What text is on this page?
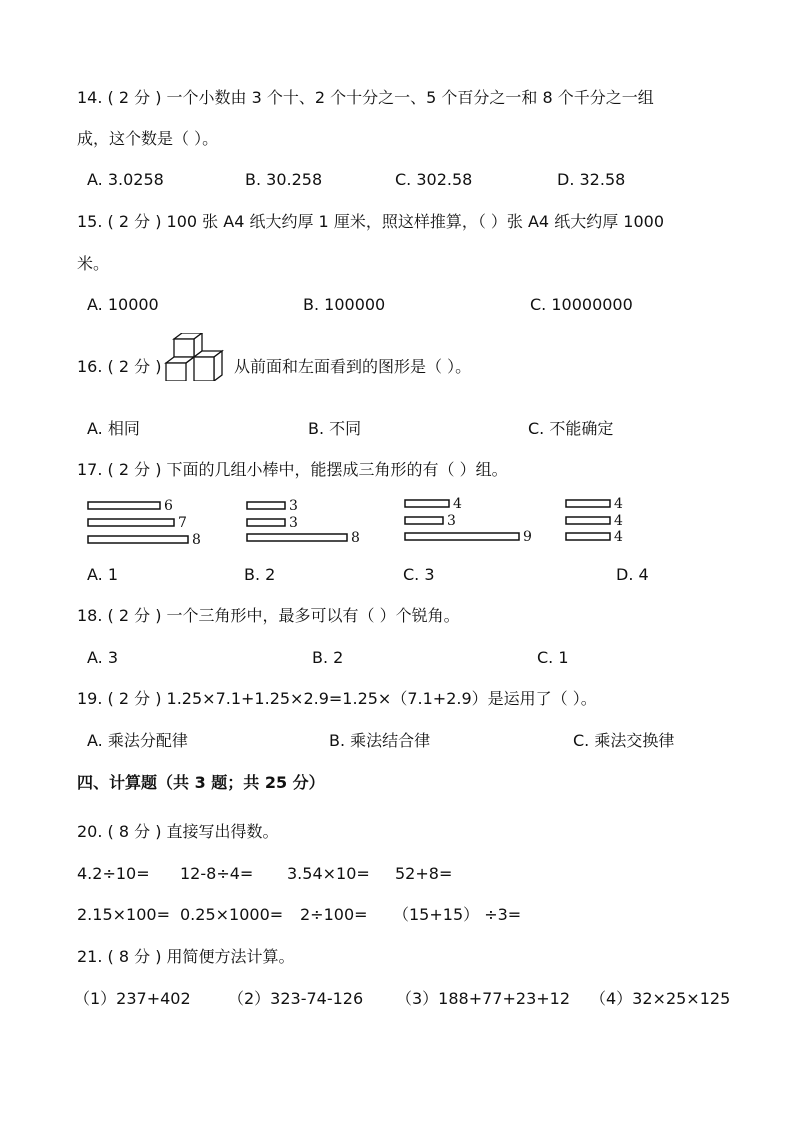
14. ( 2 分 ) 一个小数由 3 个十、2 个十分之一、5 个百分之一和 8 个千分之一组
成，这个数是（ ）。
A. 3.0258	B. 30.258	C. 302.58	D. 32.58
15. ( 2 分 ) 100 张 A4 纸大约厚 1 厘米，照这样推算，（ ）张 A4 纸大约厚 1000
米。
A. 10000	B. 100000	C. 10000000
16. ( 2 分 )	从前面和左面看到的图形是（ ）。
A. 相同	B. 不同	C. 不能确定
17. ( 2 分 ) 下面的几组小棒中，能摆成三角形的有（ ）组。
6
7
8
3
3
8
4
3
9
4
4
4
A. 1	B. 2	C. 3	D. 4
18. ( 2 分 ) 一个三角形中，最多可以有（ ）个锐角。
A. 3	B. 2	C. 1
19. ( 2 分 ) 1.25×7.1+1.25×2.9=1.25×（7.1+2.9）是运用了（ ）。
A. 乘法分配律	B. 乘法结合律	C. 乘法交换律
四、计算题（共 3 题；共 25 分）
20. ( 8 分 ) 直接写出得数。
4.2÷10= 12-8÷4= 3.54×10= 52+8=
2.15×100= 0.25×1000= 2÷100= （15+15） ÷3=
21. ( 8 分 ) 用简便方法计算。
（1）237+402 （2）323-74-126 （3）188+77+23+12 （4）32×25×125
